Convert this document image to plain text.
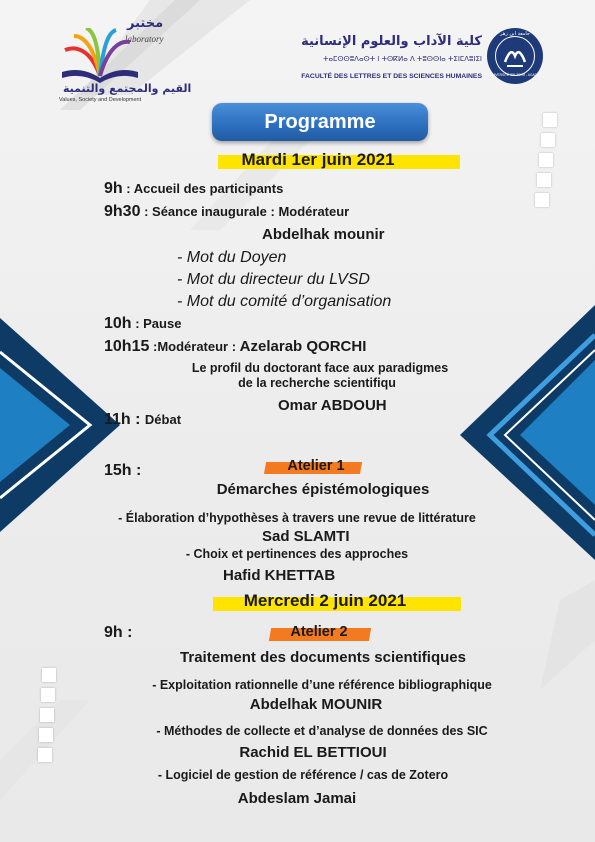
مختبر
laboratory
القيم والمجتمع والتنمية
Values, Society and Development
كلية الآداب والعلوم الإنسانية
ⵜⴰⵎⵙⵙⵓⴷⴰⵙⵜ ⵏ ⵜⵙⴽⵍⴰ ⴷ ⵜⵓⵙⵙⵏⴰ ⵜⵉⵏⵎⴷⵓⵏⵉⵏ
FACULTÉ DES LETTRES ET DES SCIENCES HUMAINES UNIVERSITÉ IBN ZOHR - AGADIR
جامعة ابن زهر
Programme
Mardi 1er juin 2021
9h : Accueil des participants
9h30 : Séance inaugurale : Modérateur
Abdelhak mounir
- Mot du Doyen
- Mot du directeur du LVSD
- Mot du comité d’organisation
10h : Pause
10h15 :Modérateur : Azelarab QORCHI
Le profil du doctorant face aux paradigmes
de la recherche scientifiqu
Omar ABDOUH
11h : Débat
15h :	Atelier 1
Démarches épistémologiques
- Élaboration d’hypothèses à travers une revue de littérature
Sad SLAMTI
- Choix et pertinences des approches
Hafid KHETTAB
Mercredi 2 juin 2021
9h :	Atelier 2
Traitement des documents scientifiques
- Exploitation rationnelle d’une référence bibliographique
Abdelhak MOUNIR
- Méthodes de collecte et d’analyse de données des SIC
Rachid EL BETTIOUI
- Logiciel de gestion de référence / cas de Zotero
Abdeslam Jamai
